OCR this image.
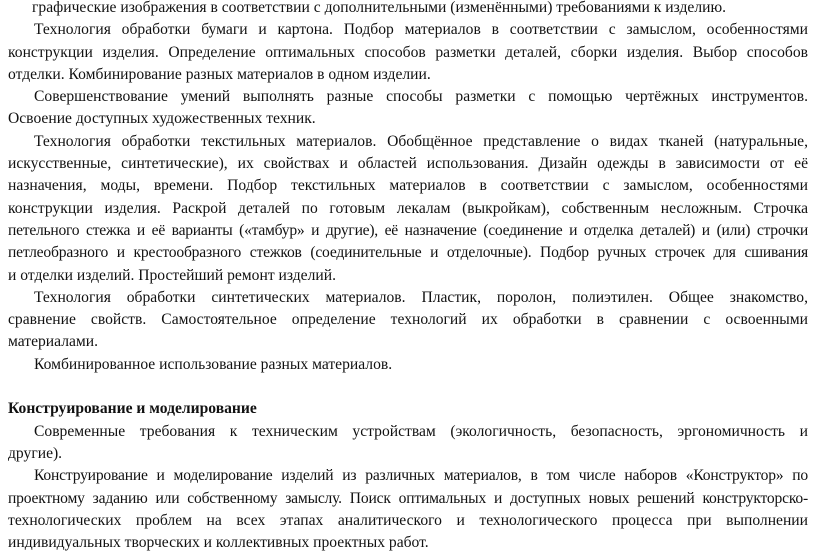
графические изображения в соответствии с дополнительными (изменёнными) требованиями к изделию.
Технология обработки бумаги и картона. Подбор материалов в соответствии с замыслом, особенностями
конструкции изделия. Определение оптимальных способов разметки деталей, сборки изделия. Выбор способов
отделки. Комбинирование разных материалов в одном изделии.
Совершенствование умений выполнять разные способы разметки с помощью чертёжных инструментов.
Освоение доступных художественных техник.
Технология обработки текстильных материалов. Обобщённое представление о видах тканей (натуральные,
искусственные, синтетические), их свойствах и областей использования. Дизайн одежды в зависимости от её
назначения, моды, времени. Подбор текстильных материалов в соответствии с замыслом, особенностями
конструкции изделия. Раскрой деталей по готовым лекалам (выкройкам), собственным несложным. Строчка
петельного стежка и её варианты («тамбур» и другие), её назначение (соединение и отделка деталей) и (или) строчки
петлеобразного и крестообразного стежков (соединительные и отделочные). Подбор ручных строчек для сшивания
и отделки изделий. Простейший ремонт изделий.
Технология обработки синтетических материалов. Пластик, поролон, полиэтилен. Общее знакомство,
сравнение свойств. Самостоятельное определение технологий их обработки в сравнении с освоенными
материалами.
Комбинированное использование разных материалов.
Конструирование и моделирование
Современные требования к техническим устройствам (экологичность, безопасность, эргономичность и
другие).
Конструирование и моделирование изделий из различных материалов, в том числе наборов «Конструктор» по
проектному заданию или собственному замыслу. Поиск оптимальных и доступных новых решений конструкторско-
технологических проблем на всех этапах аналитического и технологического процесса при выполнении
индивидуальных творческих и коллективных проектных работ.
